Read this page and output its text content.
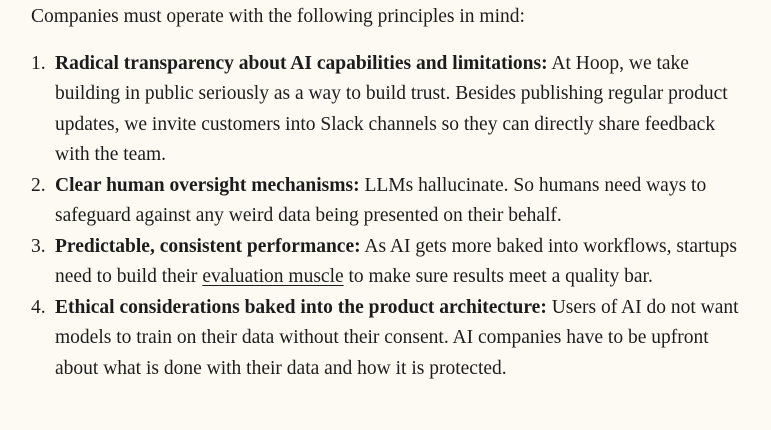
Companies must operate with the following principles in mind:

1. Radical transparency about AI capabilities and limitations: At Hoop, we take building in public seriously as a way to build trust. Besides publishing regular product updates, we invite customers into Slack channels so they can directly share feedback with the team.
2. Clear human oversight mechanisms: LLMs hallucinate. So humans need ways to safeguard against any weird data being presented on their behalf.
3. Predictable, consistent performance: As AI gets more baked into workflows, startups need to build their evaluation muscle to make sure results meet a quality bar.
4. Ethical considerations baked into the product architecture: Users of AI do not want models to train on their data without their consent. AI companies have to be upfront about what is done with their data and how it is protected.
